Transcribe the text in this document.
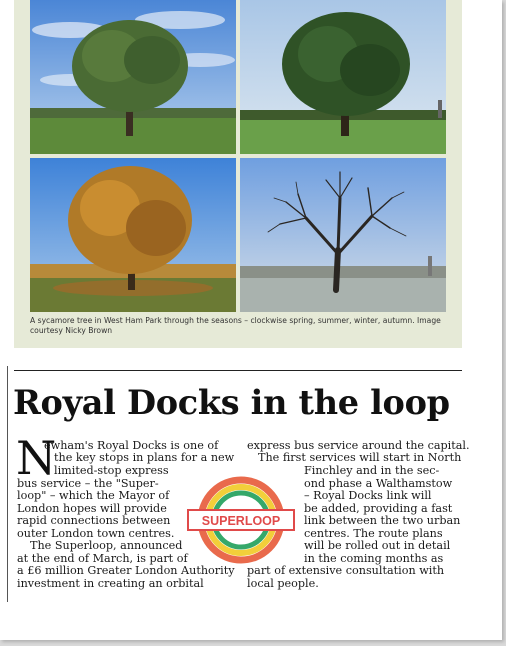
A sycamore tree in West Ham Park through the seasons – clockwise spring, summer, winter, autumn. Image courtesy Nicky Brown
Royal Docks in the loop
N
ewham's Royal Docks is one of
the key stops in plans for a new
limited-stop express
bus service – the "Super-
loop" – which the Mayor of
London hopes will provide
rapid connections between
outer London town centres.
The Superloop, announced
at the end of March, is part of
a £6 million Greater London Authority
investment in creating an orbital
express bus service around the capital.
The first services will start in North
Finchley and in the sec-
ond phase a Walthamstow
– Royal Docks link will
be added, providing a fast
link between the two urban
centres. The route plans
will be rolled out in detail
in the coming months as
part of extensive consultation with
local people.
SUPERLOOP
